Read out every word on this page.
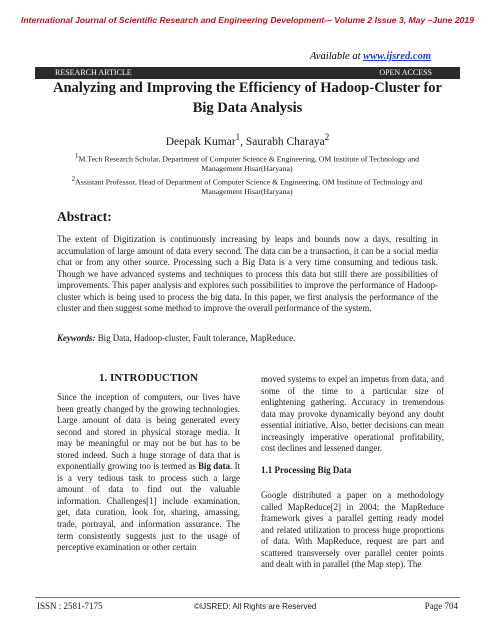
International Journal of Scientific Research and Engineering Development-– Volume 2 Issue 3, May –June 2019
Available at www.ijsred.com
RESEARCH ARTICLE	OPEN ACCESS
Analyzing and Improving the Efficiency of Hadoop-Cluster for
Big Data Analysis
Deepak Kumar$^1$, Saurabh Charaya$^2$
$^1$M.Tech Research Scholar, Department of Computer Science & Engineering, OM Institute of Technology and Management Hisar(Haryana)
$^2$Assistant Professor, Head of Department of Computer Science & Engineering, OM Institute of Technology and Management Hisar(Haryana)
Abstract:

The extent of Digitization is continuously increasing by leaps and bounds now a days, resulting in accumulation of large amount of data every second. The data can be a transaction, it can be a social media chat or from any other source. Processing such a Big Data is a very time consuming and tedious task. Though we have advanced systems and techniques to process this data but still there are possibilities of improvements. This paper analysis and explores such possibilities to improve the performance of Hadoop-cluster which is being used to process the big data. In this paper, we first analysis the performance of the cluster and then suggest some method to improve the overall performance of the system.

Keywords: Big Data, Hadoop-cluster, Fault tolerance, MapReduce.
1. INTRODUCTION

Since the inception of computers, our lives have been greatly changed by the growing technologies. Large amount of data is being generated every second and stored in physical storage media. It may be meaningful or may not be but has to be stored indeed. Such a huge storage of data that is exponentially growing too is termed as Big data. It is a very tedious task to process such a large amount of data to find out the valuable information. Challenges[1] include examination, get, data curation, look for, sharing, amassing, trade, portrayal, and information assurance. The term consistently suggests just to the usage of perceptive examination or other certain

moved systems to expel an impetus from data, and some of the time to a particular size of enlightening gathering. Accuracy in tremendous data may provoke dynamically beyond any doubt essential initiative. Also, better decisions can mean increasingly imperative operational profitability, cost declines and lessened danger.

1.1 Processing Big Data

Google distributed a paper on a methodology called MapReduce[2] in 2004; the MapReduce framework gives a parallel getting ready model and related utilization to process huge proportions of data. With MapReduce, request are part and scattered transversely over parallel center points and dealt with in parallel (the Map step). The

ISSN : 2581-7175	©IJSRED: All Rights are Reserved	Page 704
